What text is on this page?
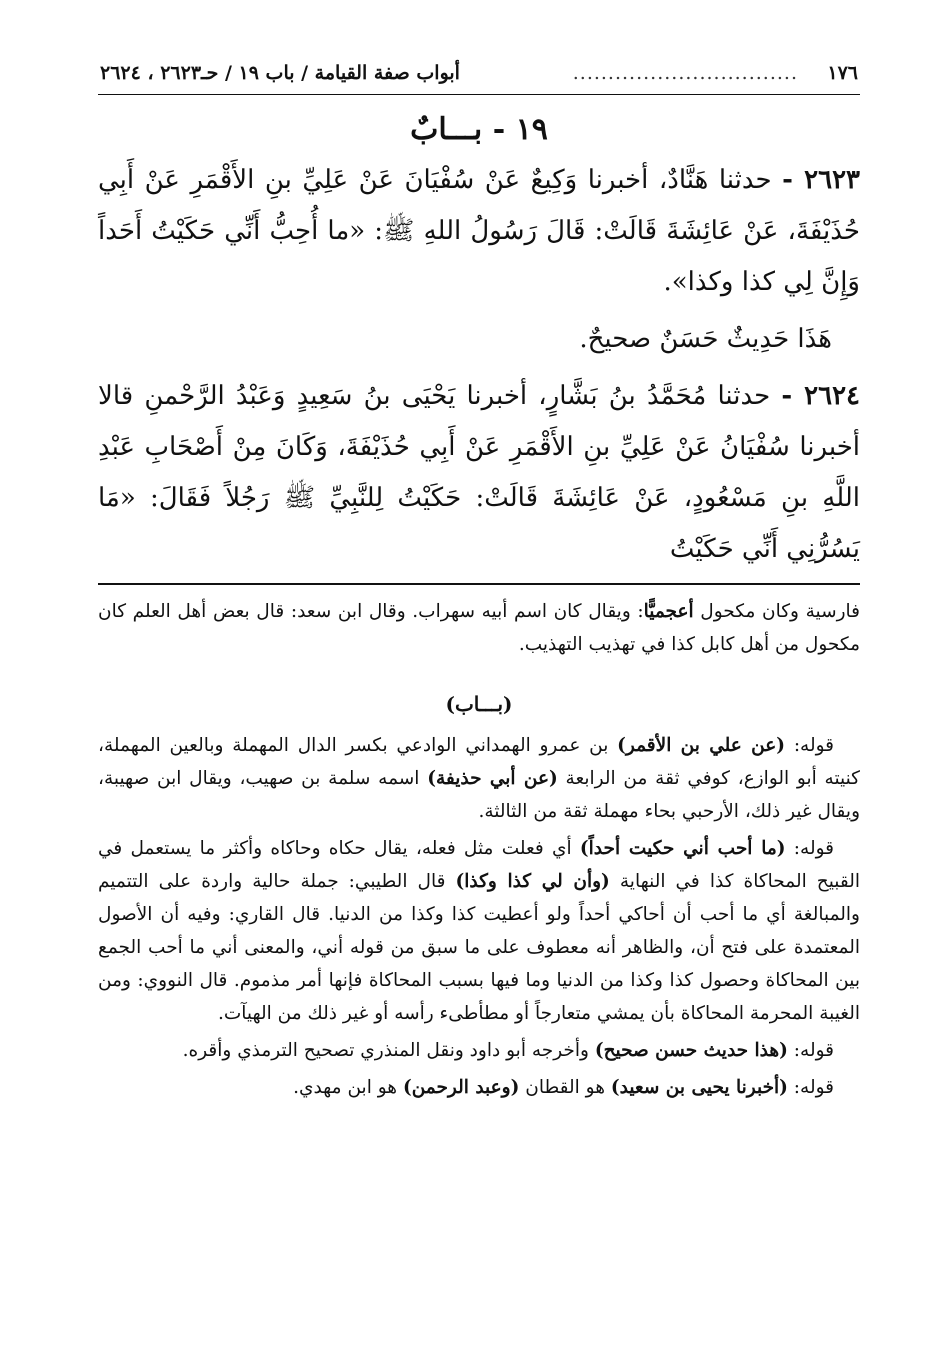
١٧٦
................................
أبواب صفة القيامة / باب ١٩ / حـ٢٦٢٣ ، ٢٦٢٤
١٩ - بـــابٌ

٢٦٢٣ - حدثنا هَنَّادٌ، أخبرنا وَكِيعٌ عَنْ سُفْيَانَ عَنْ عَلِيِّ بنِ الأَقْمَرِ عَنْ أَبِي حُذَيْفَةَ، عَنْ عَائِشَةَ قَالَتْ: قَالَ رَسُولُ اللهِ ﷺ: «ما أُحِبُّ أَنِّي حَكَيْتُ أَحَداً وَإِنَّ لِي كذا وكذا».

هَذَا حَدِيثٌ حَسَنٌ صحيحٌ.

٢٦٢٤ - حدثنا مُحَمَّدُ بنُ بَشَّارٍ، أخبرنا يَحْيَى بنُ سَعِيدٍ وَعَبْدُ الرَّحْمنِ قالا أخبرنا سُفْيَانُ عَنْ عَلِيِّ بنِ الأَقْمَرِ عَنْ أَبِي حُذَيْفَةَ، وَكَانَ مِنْ أَصْحَابِ عَبْدِ اللَّهِ بنِ مَسْعُودٍ، عَنْ عَائِشَةَ قَالَتْ: حَكَيْتُ لِلنَّبِيِّ ﷺ رَجُلاً فَقَالَ: «مَا يَسُرُّنِي أَنِّي حَكَيْتُ

فارسية وكان مكحول أعجميًّا: ويقال كان اسم أبيه سهراب. وقال ابن سعد: قال بعض أهل العلم كان مكحول من أهل كابل كذا في تهذيب التهذيب.

(بـــاب)

قوله: (عن علي بن الأقمر) بن عمرو الهمداني الوادعي بكسر الدال المهملة وبالعين المهملة، كنيته أبو الوازع، كوفي ثقة من الرابعة (عن أبي حذيفة) اسمه سلمة بن صهيب، ويقال ابن صهيبة، ويقال غير ذلك، الأرحبي بحاء مهملة ثقة من الثالثة.

قوله: (ما أحب أني حكيت أحداً) أي فعلت مثل فعله، يقال حكاه وحاكاه وأكثر ما يستعمل في القبيح المحاكاة كذا في النهاية (وأن لي كذا وكذا) قال الطيبي: جملة حالية واردة على التتميم والمبالغة أي ما أحب أن أحاكي أحداً ولو أعطيت كذا وكذا من الدنيا. قال القاري: وفيه أن الأصول المعتمدة على فتح أن، والظاهر أنه معطوف على ما سبق من قوله أني، والمعنى أني ما أحب الجمع بين المحاكاة وحصول كذا وكذا من الدنيا وما فيها بسبب المحاكاة فإنها أمر مذموم. قال النووي: ومن الغيبة المحرمة المحاكاة بأن يمشي متعارجاً أو مطأطىء رأسه أو غير ذلك من الهيآت.

قوله: (هذا حديث حسن صحيح) وأخرجه أبو داود ونقل المنذري تصحيح الترمذي وأقره.

قوله: (أخبرنا يحيى بن سعيد) هو القطان (وعبد الرحمن) هو ابن مهدي.
